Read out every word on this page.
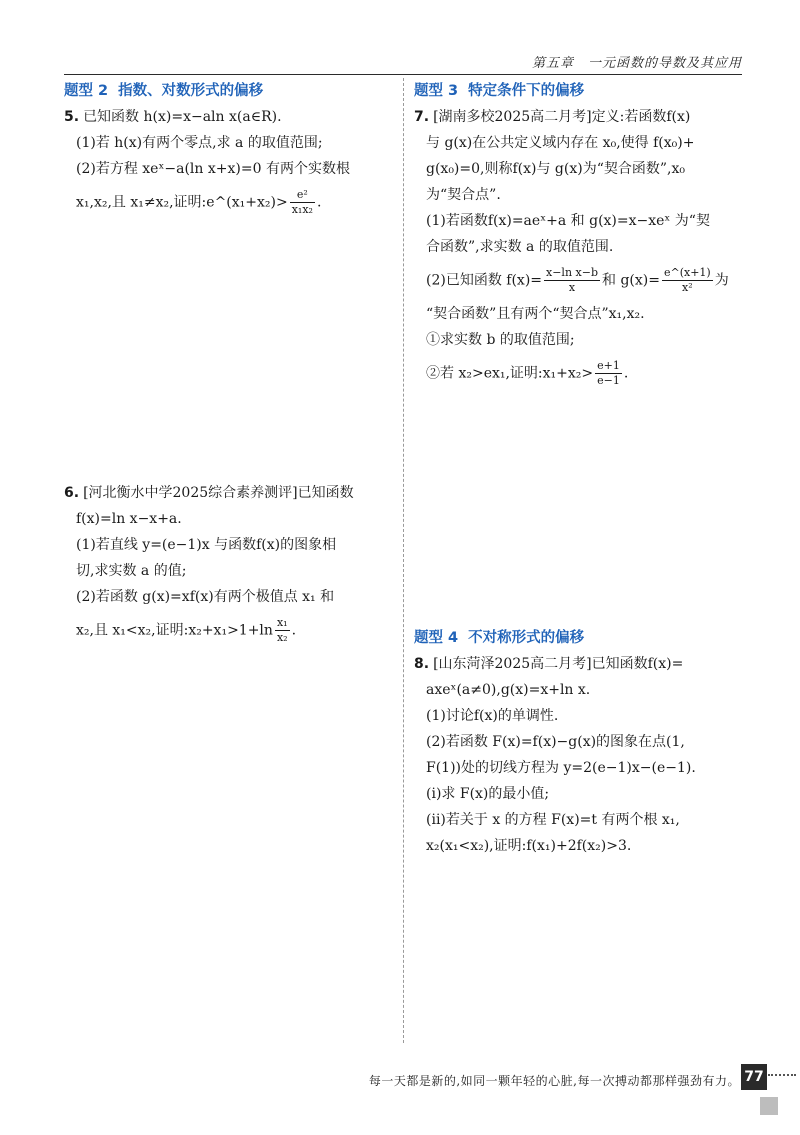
第五章　一元函数的导数及其应用
题型 2 指数、对数形式的偏移
5. 已知函数 h(x)=x−aln x(a∈R).
(1)若 h(x)有两个零点,求 a 的取值范围;
(2)若方程 xeˣ−a(ln x+x)=0 有两个实数根
x₁,x₂,且 x₁≠x₂,证明:e^(x₁+x₂)> $\frac{\text{e²}}{\text{x₁x₂}}$ .
6. [河北衡水中学2025综合素养测评]已知函数
f(x)=ln x−x+a.
(1)若直线 y=(e−1)x 与函数f(x)的图象相
切,求实数 a 的值;
(2)若函数 g(x)=xf(x)有两个极值点 x₁ 和
x₂,且 x₁<x₂,证明:x₂+x₁>1+ln $\frac{\text{x₁}}{\text{x₂}}$ .
题型 3 特定条件下的偏移
7. [湖南多校2025高二月考]定义:若函数f(x)
与 g(x)在公共定义域内存在 x₀,使得 f(x₀)+
g(x₀)=0,则称f(x)与 g(x)为“契合函数”,x₀
为“契合点”.
(1)若函数f(x)=aeˣ+a 和 g(x)=x−xeˣ 为“契
合函数”,求实数 a 的取值范围.
(2)已知函数 $f(x)= \frac{\text{x−ln x−b}}{x}$ 和 $g(x)= \frac{e\^{}(x+1)}{\text{x²}}$ 为
“契合函数”且有两个“契合点”x₁,x₂.
①求实数 b 的取值范围;
②若 x₂>ex₁,证明:x₁+x₂> $\frac{e+1}{e-1}$ .
题型 4 不对称形式的偏移
8. [山东菏泽2025高二月考]已知函数f(x)=
axeˣ(a≠0),g(x)=x+ln x.
(1)讨论f(x)的单调性.
(2)若函数 F(x)=f(x)−g(x)的图象在点(1,
F(1))处的切线方程为 y=2(e−1)x−(e−1).
(i)求 F(x)的最小值;
(ii)若关于 x 的方程 F(x)=t 有两个根 x₁,
x₂(x₁<x₂),证明:f(x₁)+2f(x₂)>3.
每一天都是新的,如同一颗年轻的心脏,每一次搏动都那样强劲有力。 77
